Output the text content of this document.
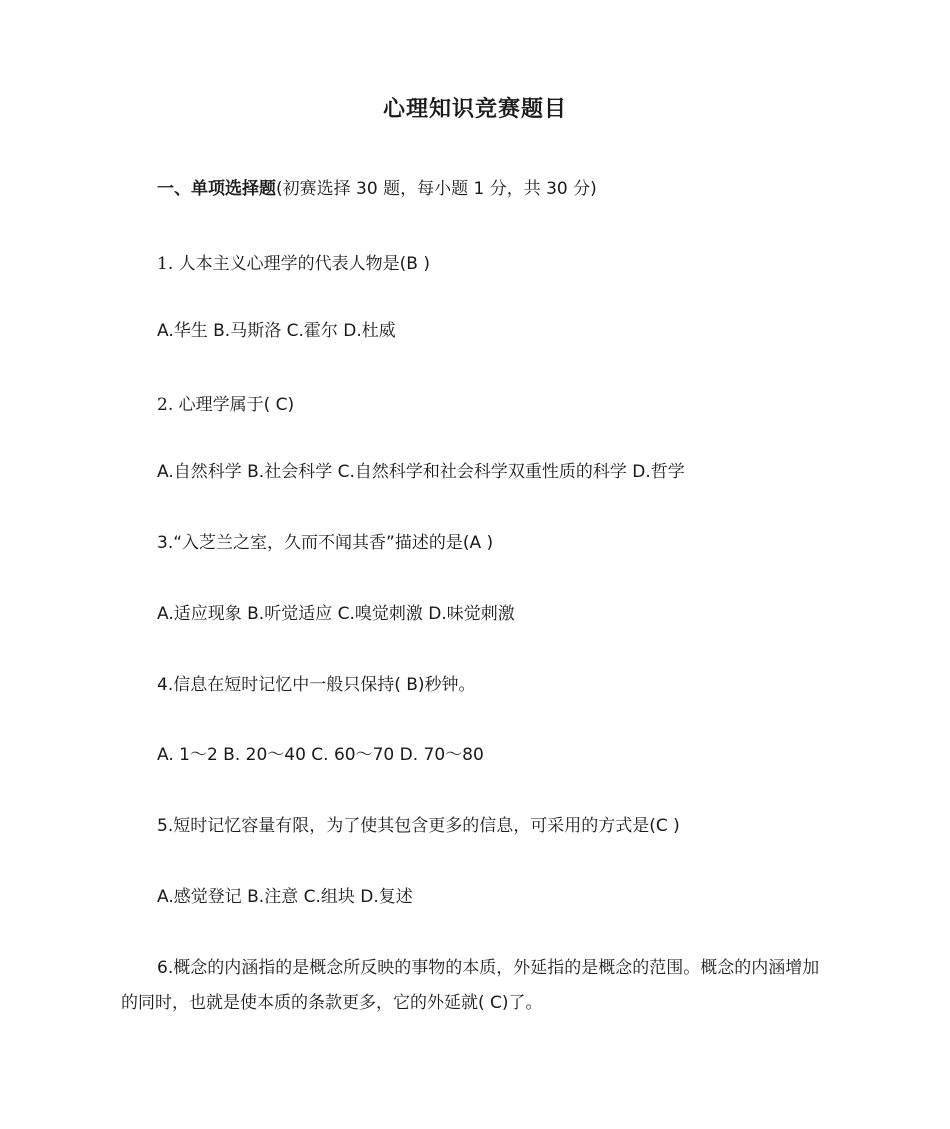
心理知识竞赛题目
一、单项选择题(初赛选择 30 题，每小题 1 分，共 30 分)
1. 人本主义心理学的代表人物是(B )
A.华生 B.马斯洛 C.霍尔 D.杜威
2. 心理学属于( C)
A.自然科学 B.社会科学 C.自然科学和社会科学双重性质的科学 D.哲学
3.“入芝兰之室，久而不闻其香”描述的是(A )
A.适应现象 B.听觉适应 C.嗅觉刺激 D.味觉刺激
4.信息在短时记忆中一般只保持( B)秒钟。
A. 1～2 B. 20～40 C. 60～70 D. 70～80
5.短时记忆容量有限，为了使其包含更多的信息，可采用的方式是(C )
A.感觉登记 B.注意 C.组块 D.复述
6.概念的内涵指的是概念所反映的事物的本质，外延指的是概念的范围。概念的内涵增加的同时，也就是使本质的条款更多，它的外延就( C)了。
